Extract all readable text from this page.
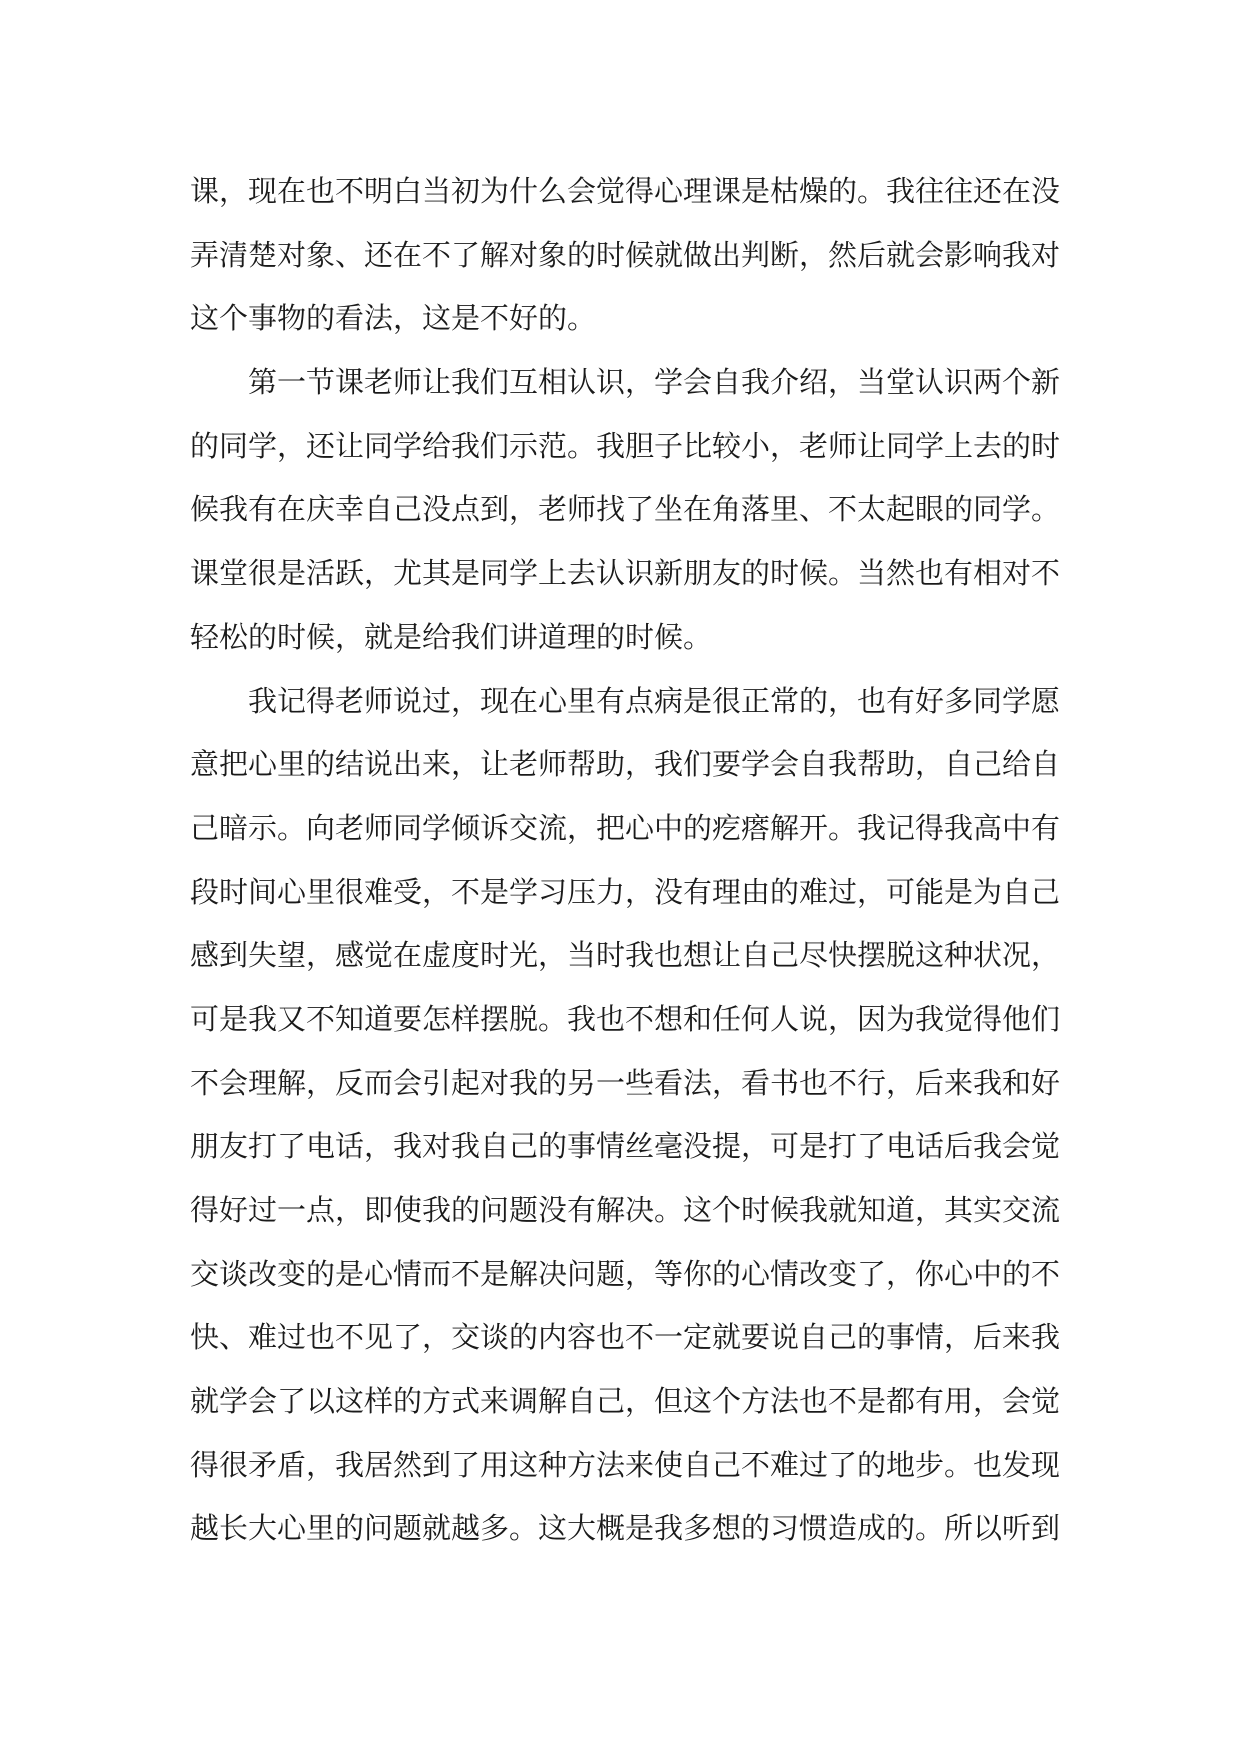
课，现在也不明白当初为什么会觉得心理课是枯燥的。我往往还在没
弄清楚对象、还在不了解对象的时候就做出判断，然后就会影响我对
这个事物的看法，这是不好的。
第一节课老师让我们互相认识，学会自我介绍，当堂认识两个新
的同学，还让同学给我们示范。我胆子比较小，老师让同学上去的时
候我有在庆幸自己没点到，老师找了坐在角落里、不太起眼的同学。
课堂很是活跃，尤其是同学上去认识新朋友的时候。当然也有相对不
轻松的时候，就是给我们讲道理的时候。
我记得老师说过，现在心里有点病是很正常的，也有好多同学愿
意把心里的结说出来，让老师帮助，我们要学会自我帮助，自己给自
己暗示。向老师同学倾诉交流，把心中的疙瘩解开。我记得我高中有
段时间心里很难受，不是学习压力，没有理由的难过，可能是为自己
感到失望，感觉在虚度时光，当时我也想让自己尽快摆脱这种状况，
可是我又不知道要怎样摆脱。我也不想和任何人说，因为我觉得他们
不会理解，反而会引起对我的另一些看法，看书也不行，后来我和好
朋友打了电话，我对我自己的事情丝毫没提，可是打了电话后我会觉
得好过一点，即使我的问题没有解决。这个时候我就知道，其实交流
交谈改变的是心情而不是解决问题，等你的心情改变了，你心中的不
快、难过也不见了，交谈的内容也不一定就要说自己的事情，后来我
就学会了以这样的方式来调解自己，但这个方法也不是都有用，会觉
得很矛盾，我居然到了用这种方法来使自己不难过了的地步。也发现
越长大心里的问题就越多。这大概是我多想的习惯造成的。所以听到
